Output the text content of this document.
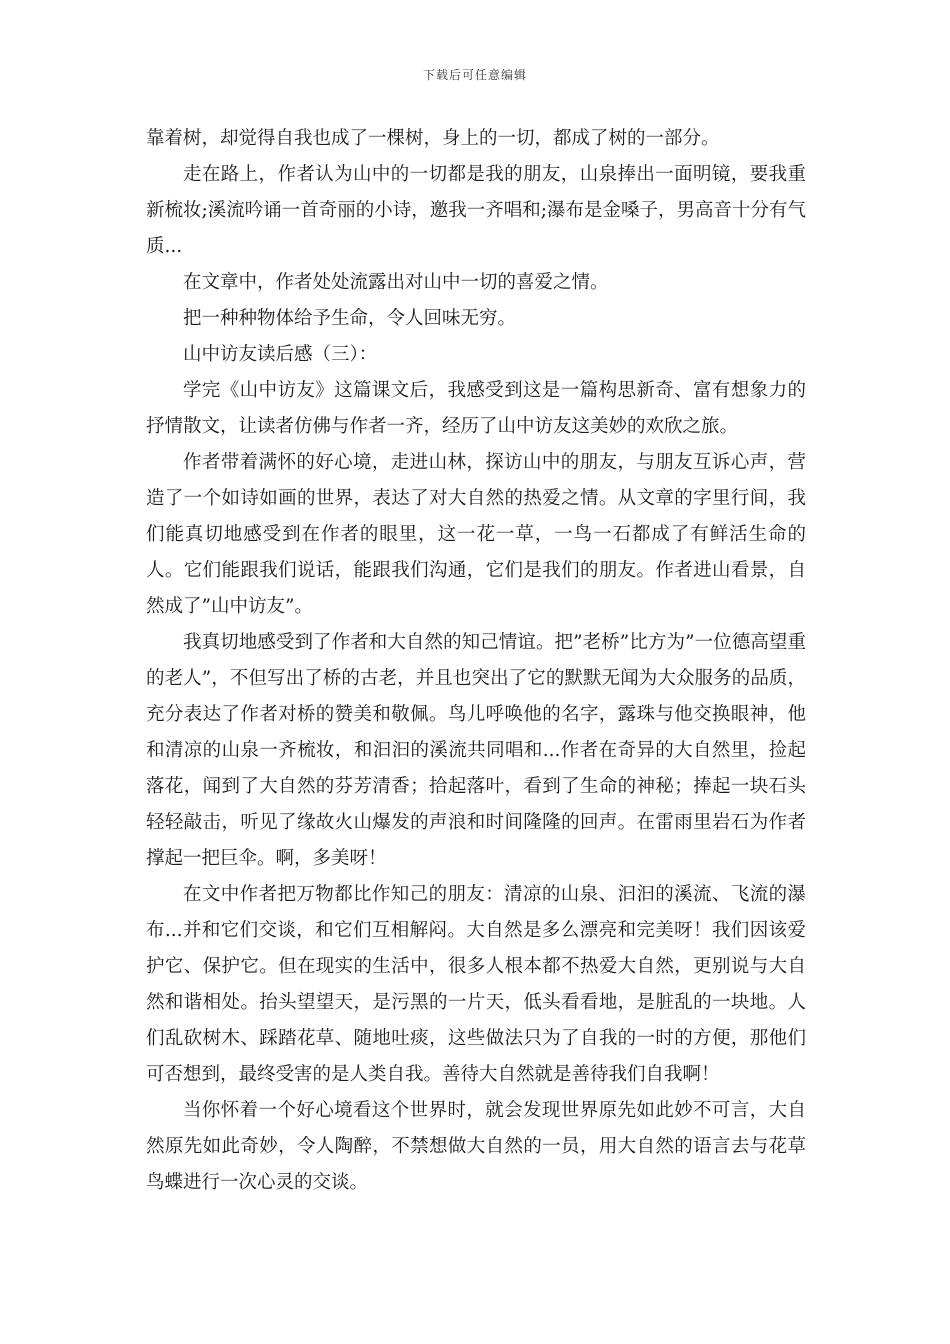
下载后可任意编辑

靠着树，却觉得自我也成了一棵树，身上的一切，都成了树的一部分。

走在路上，作者认为山中的一切都是我的朋友，山泉捧出一面明镜，要我重新梳妆;溪流吟诵一首奇丽的小诗，邀我一齐唱和;瀑布是金嗓子，男高音十分有气质...

在文章中，作者处处流露出对山中一切的喜爱之情。

把一种种物体给予生命，令人回味无穷。

山中访友读后感（三）：

学完《山中访友》这篇课文后，我感受到这是一篇构思新奇、富有想象力的抒情散文，让读者仿佛与作者一齐，经历了山中访友这美妙的欢欣之旅。

作者带着满怀的好心境，走进山林，探访山中的朋友，与朋友互诉心声，营造了一个如诗如画的世界，表达了对大自然的热爱之情。从文章的字里行间，我们能真切地感受到在作者的眼里，这一花一草，一鸟一石都成了有鲜活生命的人。它们能跟我们说话，能跟我们沟通，它们是我们的朋友。作者进山看景，自然成了”山中访友”。

我真切地感受到了作者和大自然的知己情谊。把”老桥”比方为”一位德高望重的老人”，不但写出了桥的古老，并且也突出了它的默默无闻为大众服务的品质，充分表达了作者对桥的赞美和敬佩。鸟儿呼唤他的名字，露珠与他交换眼神，他和清凉的山泉一齐梳妆，和汩汩的溪流共同唱和...作者在奇异的大自然里，捡起落花，闻到了大自然的芬芳清香；拾起落叶，看到了生命的神秘；捧起一块石头轻轻敲击，听见了缘故火山爆发的声浪和时间隆隆的回声。在雷雨里岩石为作者撑起一把巨伞。啊，多美呀！

在文中作者把万物都比作知己的朋友：清凉的山泉、汩汩的溪流、飞流的瀑布...并和它们交谈，和它们互相解闷。大自然是多么漂亮和完美呀！我们因该爱护它、保护它。但在现实的生活中，很多人根本都不热爱大自然，更别说与大自然和谐相处。抬头望望天，是污黑的一片天，低头看看地，是脏乱的一块地。人们乱砍树木、踩踏花草、随地吐痰，这些做法只为了自我的一时的方便，那他们可否想到，最终受害的是人类自我。善待大自然就是善待我们自我啊！

当你怀着一个好心境看这个世界时，就会发现世界原先如此妙不可言，大自然原先如此奇妙，令人陶醉，不禁想做大自然的一员，用大自然的语言去与花草鸟蝶进行一次心灵的交谈。
